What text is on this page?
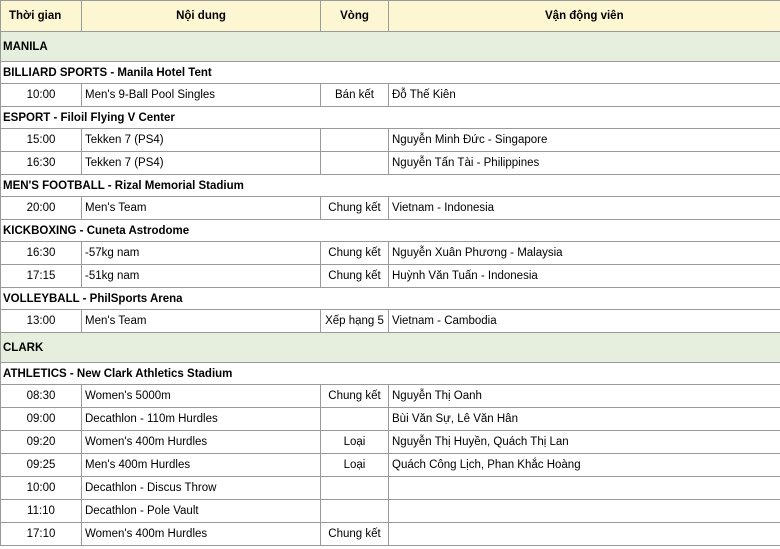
Thời gian	Nội dung	Vòng	Vận động viên
MANILA			
BILLIARD SPORTS - Manila Hotel Tent			
10:00	Men's 9-Ball Pool Singles	Bán kết	Đỗ Thế Kiên
ESPORT - Filoil Flying V Center			
15:00	Tekken 7 (PS4)		Nguyễn Minh Đức - Singapore
16:30	Tekken 7 (PS4)		Nguyễn Tấn Tài - Philippines
MEN'S FOOTBALL - Rizal Memorial Stadium			
20:00	Men's Team	Chung kết	Vietnam - Indonesia
KICKBOXING - Cuneta Astrodome			
16:30	-57kg nam	Chung kết	Nguyễn Xuân Phương - Malaysia
17:15	-51kg nam	Chung kết	Huỳnh Văn Tuấn - Indonesia
VOLLEYBALL - PhilSports Arena			
13:00	Men's Team	Xếp hạng 5	Vietnam - Cambodia
CLARK			
ATHLETICS - New Clark Athletics Stadium			
08:30	Women's 5000m	Chung kết	Nguyễn Thị Oanh
09:00	Decathlon - 110m Hurdles		Bùi Văn Sự, Lê Văn Hân
09:20	Women's 400m Hurdles	Loại	Nguyễn Thị Huyền, Quách Thị Lan
09:25	Men's 400m Hurdles	Loại	Quách Công Lịch, Phan Khắc Hoàng
10:00	Decathlon - Discus Throw		
11:10	Decathlon - Pole Vault		
17:10	Women's 400m Hurdles	Chung kết	
